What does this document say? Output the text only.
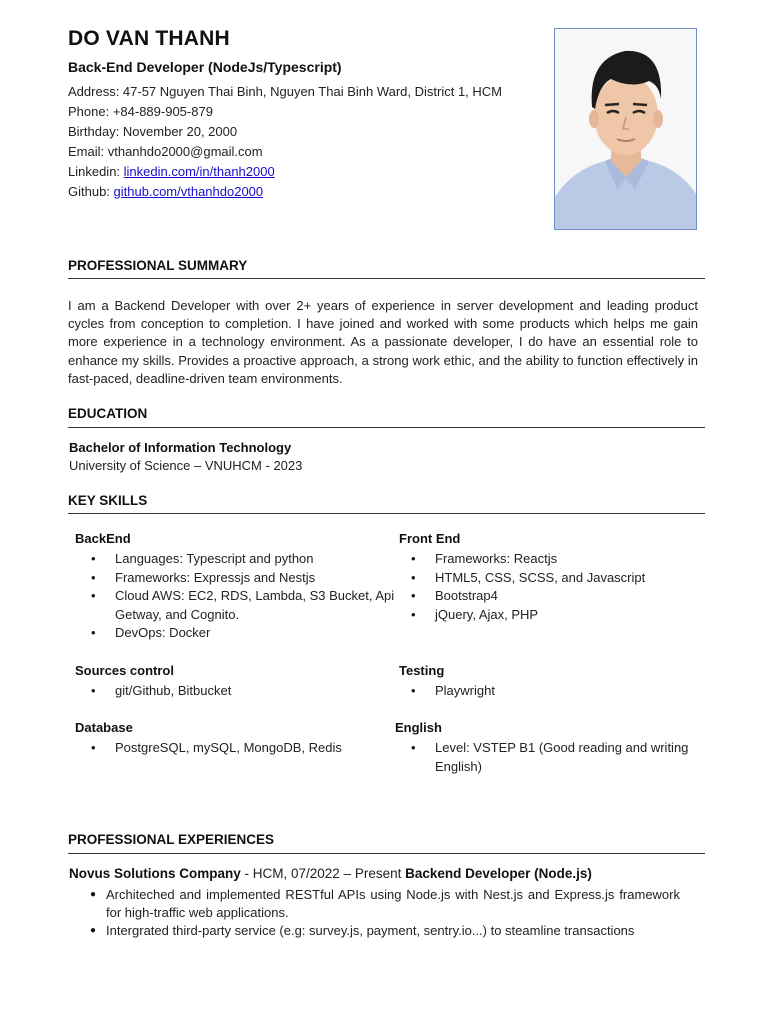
DO VAN THANH
Back-End Developer (NodeJs/Typescript)
Address: 47-57 Nguyen Thai Binh, Nguyen Thai Binh Ward, District 1, HCM
Phone: +84-889-905-879
Birthday: November 20, 2000
Email: vthanhdo2000@gmail.com
Linkedin: linkedin.com/in/thanh2000
Github: github.com/vthanhdo2000
PROFESSIONAL SUMMARY
I am a Backend Developer with over 2+ years of experience in server development and leading product cycles from conception to completion. I have joined and worked with some products which helps me gain more experience in a technology environment. As a passionate developer, I do have an essential role to enhance my skills. Provides a proactive approach, a strong work ethic, and the ability to function effectively in fast-paced, deadline-driven team environments.
EDUCATION
Bachelor of Information Technology
University of Science – VNUHCM - 2023
KEY SKILLS
BackEnd
• Languages: Typescript and python
• Frameworks: Expressjs and Nestjs
• Cloud AWS: EC2, RDS, Lambda, S3 Bucket, Api Getway, and Cognito.
• DevOps: Docker
Front End
• Frameworks: Reactjs
• HTML5, CSS, SCSS, and Javascript
• Bootstrap4
• jQuery, Ajax, PHP
Sources control
• git/Github, Bitbucket
Testing
• Playwright
Database
• PostgreSQL, mySQL, MongoDB, Redis
English
• Level: VSTEP B1 (Good reading and writing English)
PROFESSIONAL EXPERIENCES
Novus Solutions Company - HCM, 07/2022 – Present Backend Developer (Node.js)
● Architeched and implemented RESTful APIs using Node.js with Nest.js and Express.js framework for high-traffic web applications.
● Intergrated third-party service (e.g: survey.js, payment, sentry.io...) to steamline transactions
